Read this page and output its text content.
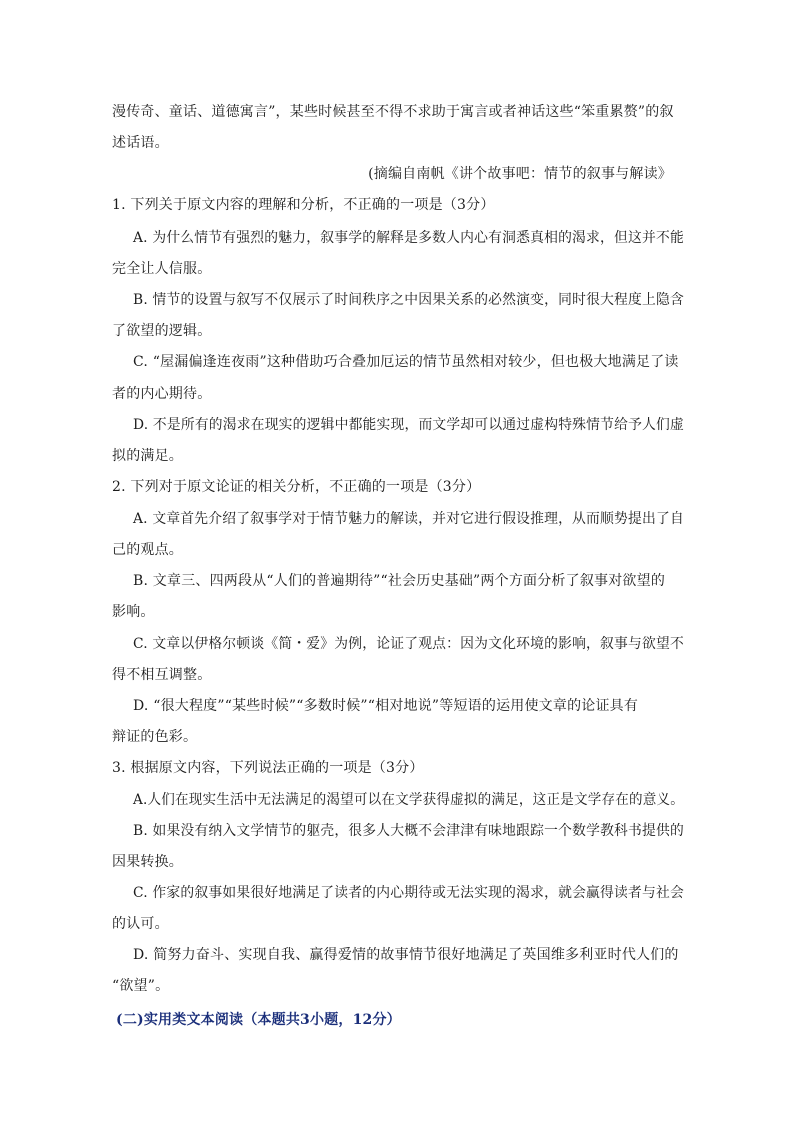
漫传奇、童话、道德寓言”，某些时候甚至不得不求助于寓言或者神话这些“笨重累赘”的叙
述话语。
(摘编自南帆《讲个故事吧：情节的叙事与解读》
1. 下列关于原文内容的理解和分析，不正确的一项是（3分）
A. 为什么情节有强烈的魅力，叙事学的解释是多数人内心有洞悉真相的渴求，但这并不能
完全让人信服。
B. 情节的设置与叙写不仅展示了时间秩序之中因果关系的必然演变，同时很大程度上隐含
了欲望的逻辑。
C. “屋漏偏逢连夜雨”这种借助巧合叠加厄运的情节虽然相对较少，但也极大地满足了读
者的内心期待。
D. 不是所有的渴求在现实的逻辑中都能实现，而文学却可以通过虚构特殊情节给予人们虚
拟的满足。
2. 下列对于原文论证的相关分析，不正确的一项是（3分）
A. 文章首先介绍了叙事学对于情节魅力的解读，并对它进行假设推理，从而顺势提出了自
己的观点。
B. 文章三、四两段从“人们的普遍期待”“社会历史基础”两个方面分析了叙事对欲望的
影响。
C. 文章以伊格尔顿谈《简・爱》为例，论证了观点：因为文化环境的影响，叙事与欲望不
得不相互调整。
D. “很大程度”“某些时候”“多数时候”“相对地说”等短语的运用使文章的论证具有
辩证的色彩。
3. 根据原文内容，下列说法正确的一项是（3分）
A.人们在现实生活中无法满足的渴望可以在文学获得虚拟的满足，这正是文学存在的意义。
B. 如果没有纳入文学情节的躯壳，很多人大概不会津津有味地跟踪一个数学教科书提供的
因果转换。
C. 作家的叙事如果很好地满足了读者的内心期待或无法实现的渴求，就会赢得读者与社会
的认可。
D. 简努力奋斗、实现自我、赢得爱情的故事情节很好地满足了英国维多利亚时代人们的
“欲望”。
(二)实用类文本阅读（本题共3小题，12分）
